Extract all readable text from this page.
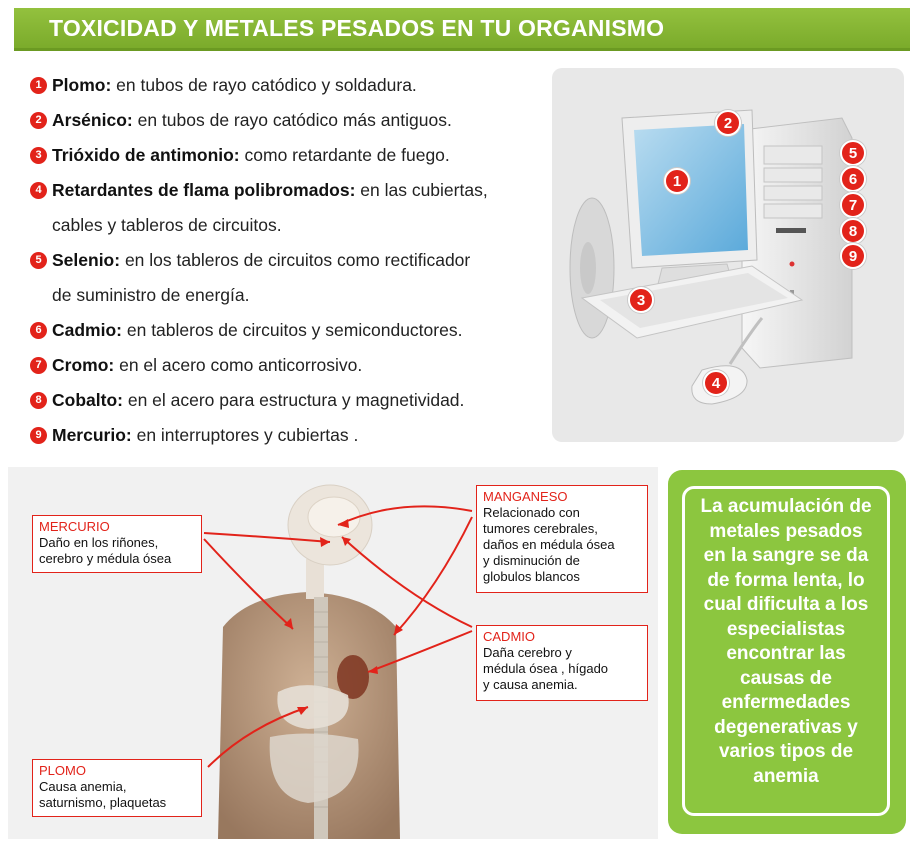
TOXICIDAD Y METALES PESADOS EN TU ORGANISMO
1 Plomo: en tubos de rayo catódico y soldadura.
2 Arsénico: en tubos de rayo catódico más antiguos.
3 Trióxido de antimonio: como retardante de fuego.
4 Retardantes de flama polibromados: en las cubiertas,
cables y tableros de circuitos.
5 Selenio: en los tableros de circuitos como rectificador
de suministro de energía.
6 Cadmio: en tableros de circuitos y semiconductores.
7 Cromo: en el acero como anticorrosivo.
8 Cobalto: en el acero para estructura y magnetividad.
9 Mercurio: en interruptores y cubiertas .
1
2
3
4
5
6
7
8
9
MERCURIO
Daño en los riñones,
cerebro y médula ósea
MANGANESO
Relacionado con
tumores cerebrales,
daños en médula ósea
y disminución de
globulos blancos
CADMIO
Daña cerebro y
médula ósea , hígado
y causa anemia.
PLOMO
Causa anemia,
saturnismo, plaquetas
La acumulación de
metales pesados
en la sangre se da
de forma lenta, lo
cual dificulta a los
especialistas
encontrar las
causas de
enfermedades
degenerativas y
varios tipos de
anemia
